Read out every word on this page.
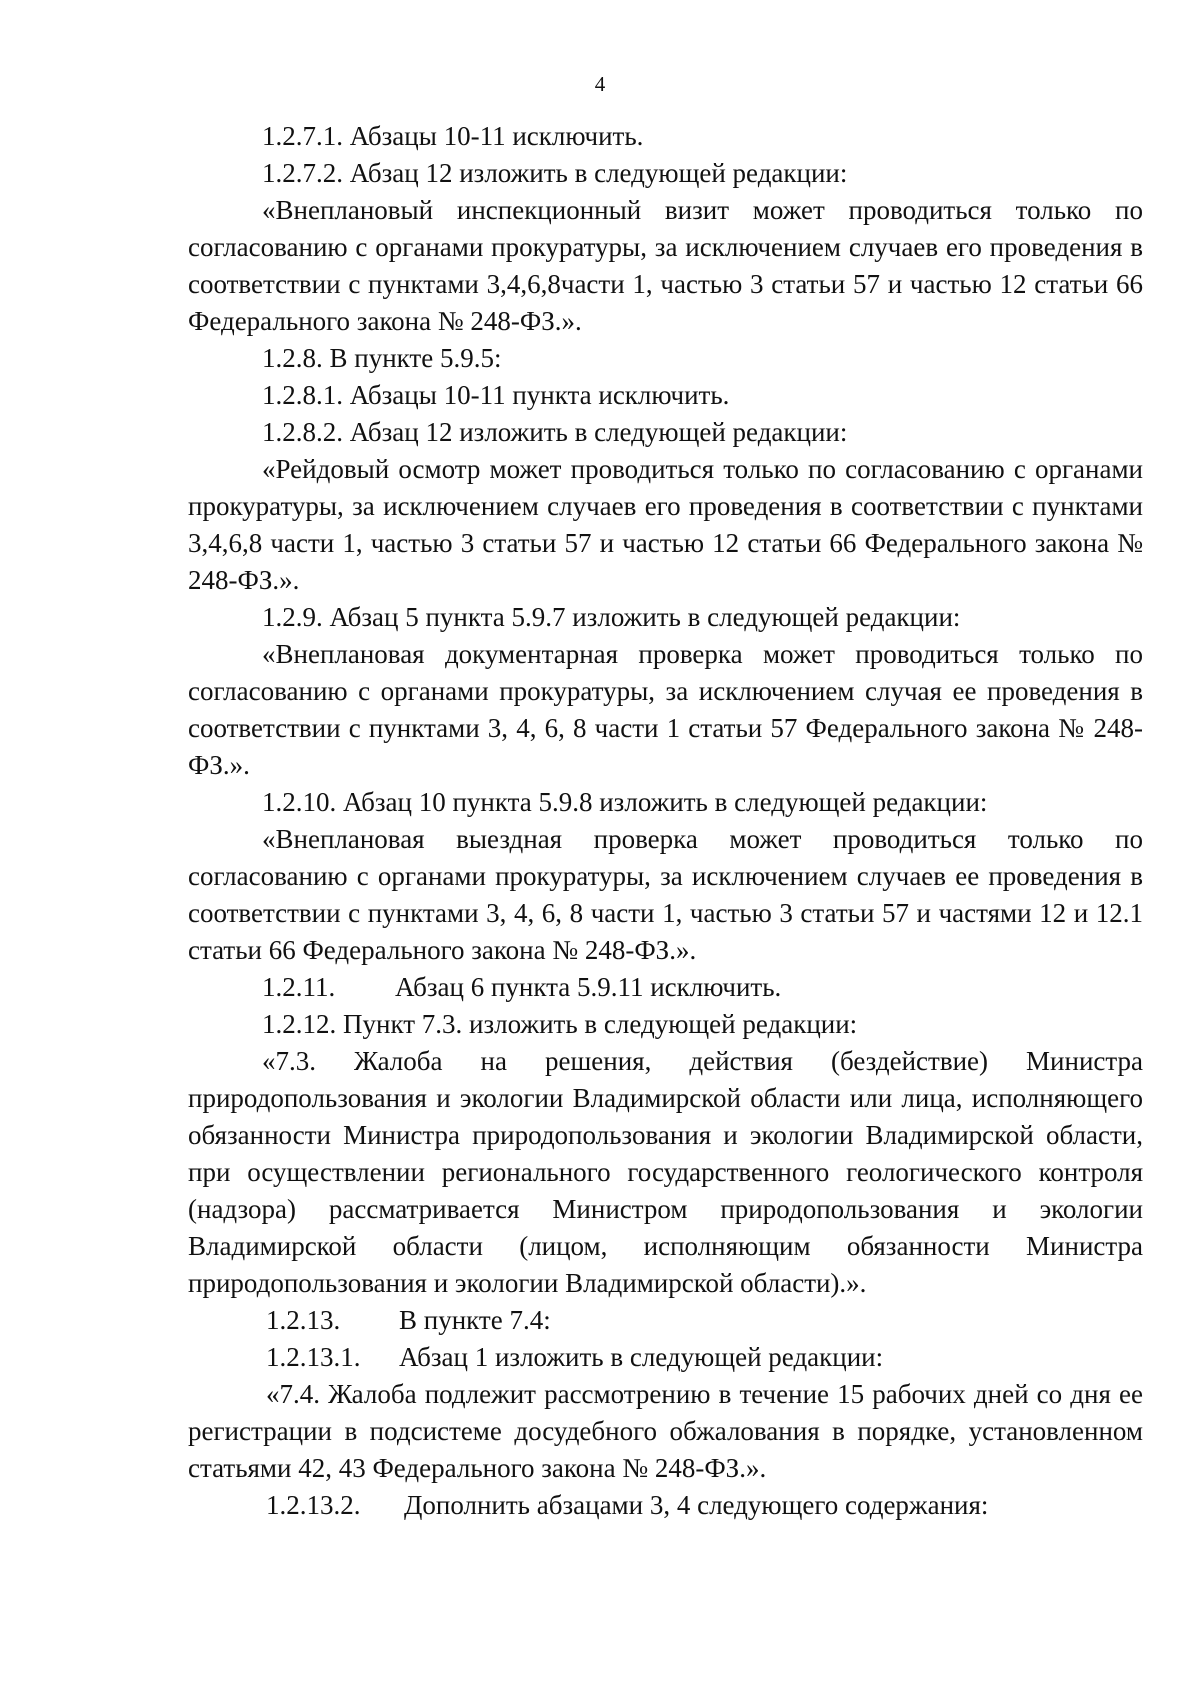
4

1.2.7.1. Абзацы 10-11 исключить.

1.2.7.2. Абзац 12 изложить в следующей редакции:

«Внеплановый инспекционный визит может проводиться только по согласованию с органами прокуратуры, за исключением случаев его проведения в соответствии с пунктами 3,4,6,8части 1, частью 3 статьи 57 и частью 12 статьи 66 Федерального закона № 248-ФЗ.».

1.2.8. В пункте 5.9.5:

1.2.8.1. Абзацы 10-11 пункта исключить.

1.2.8.2. Абзац 12 изложить в следующей редакции:

«Рейдовый осмотр может проводиться только по согласованию с органами прокуратуры, за исключением случаев его проведения в соответствии с пунктами 3,4,6,8 части 1, частью 3 статьи 57 и частью 12 статьи 66 Федерального закона № 248-ФЗ.».

1.2.9. Абзац 5 пункта 5.9.7 изложить в следующей редакции:

«Внеплановая документарная проверка может проводиться только по согласованию с органами прокуратуры, за исключением случая ее проведения в соответствии с пунктами 3, 4, 6, 8 части 1 статьи 57 Федерального закона № 248-ФЗ.».

1.2.10. Абзац 10 пункта 5.9.8 изложить в следующей редакции:

«Внеплановая выездная проверка может проводиться только по согласованию с органами прокуратуры, за исключением случаев ее проведения в соответствии с пунктами 3, 4, 6, 8 части 1, частью 3 статьи 57 и частями 12 и 12.1 статьи 66 Федерального закона № 248-ФЗ.».

1.2.11. Абзац 6 пункта 5.9.11 исключить.

1.2.12. Пункт 7.3. изложить в следующей редакции:

«7.3. Жалоба на решения, действия (бездействие) Министра природопользования и экологии Владимирской области или лица, исполняющего обязанности Министра природопользования и экологии Владимирской области, при осуществлении регионального государственного геологического контроля (надзора) рассматривается Министром природопользования и экологии Владимирской области (лицом, исполняющим обязанности Министра природопользования и экологии Владимирской области).».

1.2.13. В пункте 7.4:

1.2.13.1. Абзац 1 изложить в следующей редакции:

«7.4. Жалоба подлежит рассмотрению в течение 15 рабочих дней со дня ее регистрации в подсистеме досудебного обжалования в порядке, установленном статьями 42, 43 Федерального закона № 248-ФЗ.».

1.2.13.2. Дополнить абзацами 3, 4 следующего содержания:
